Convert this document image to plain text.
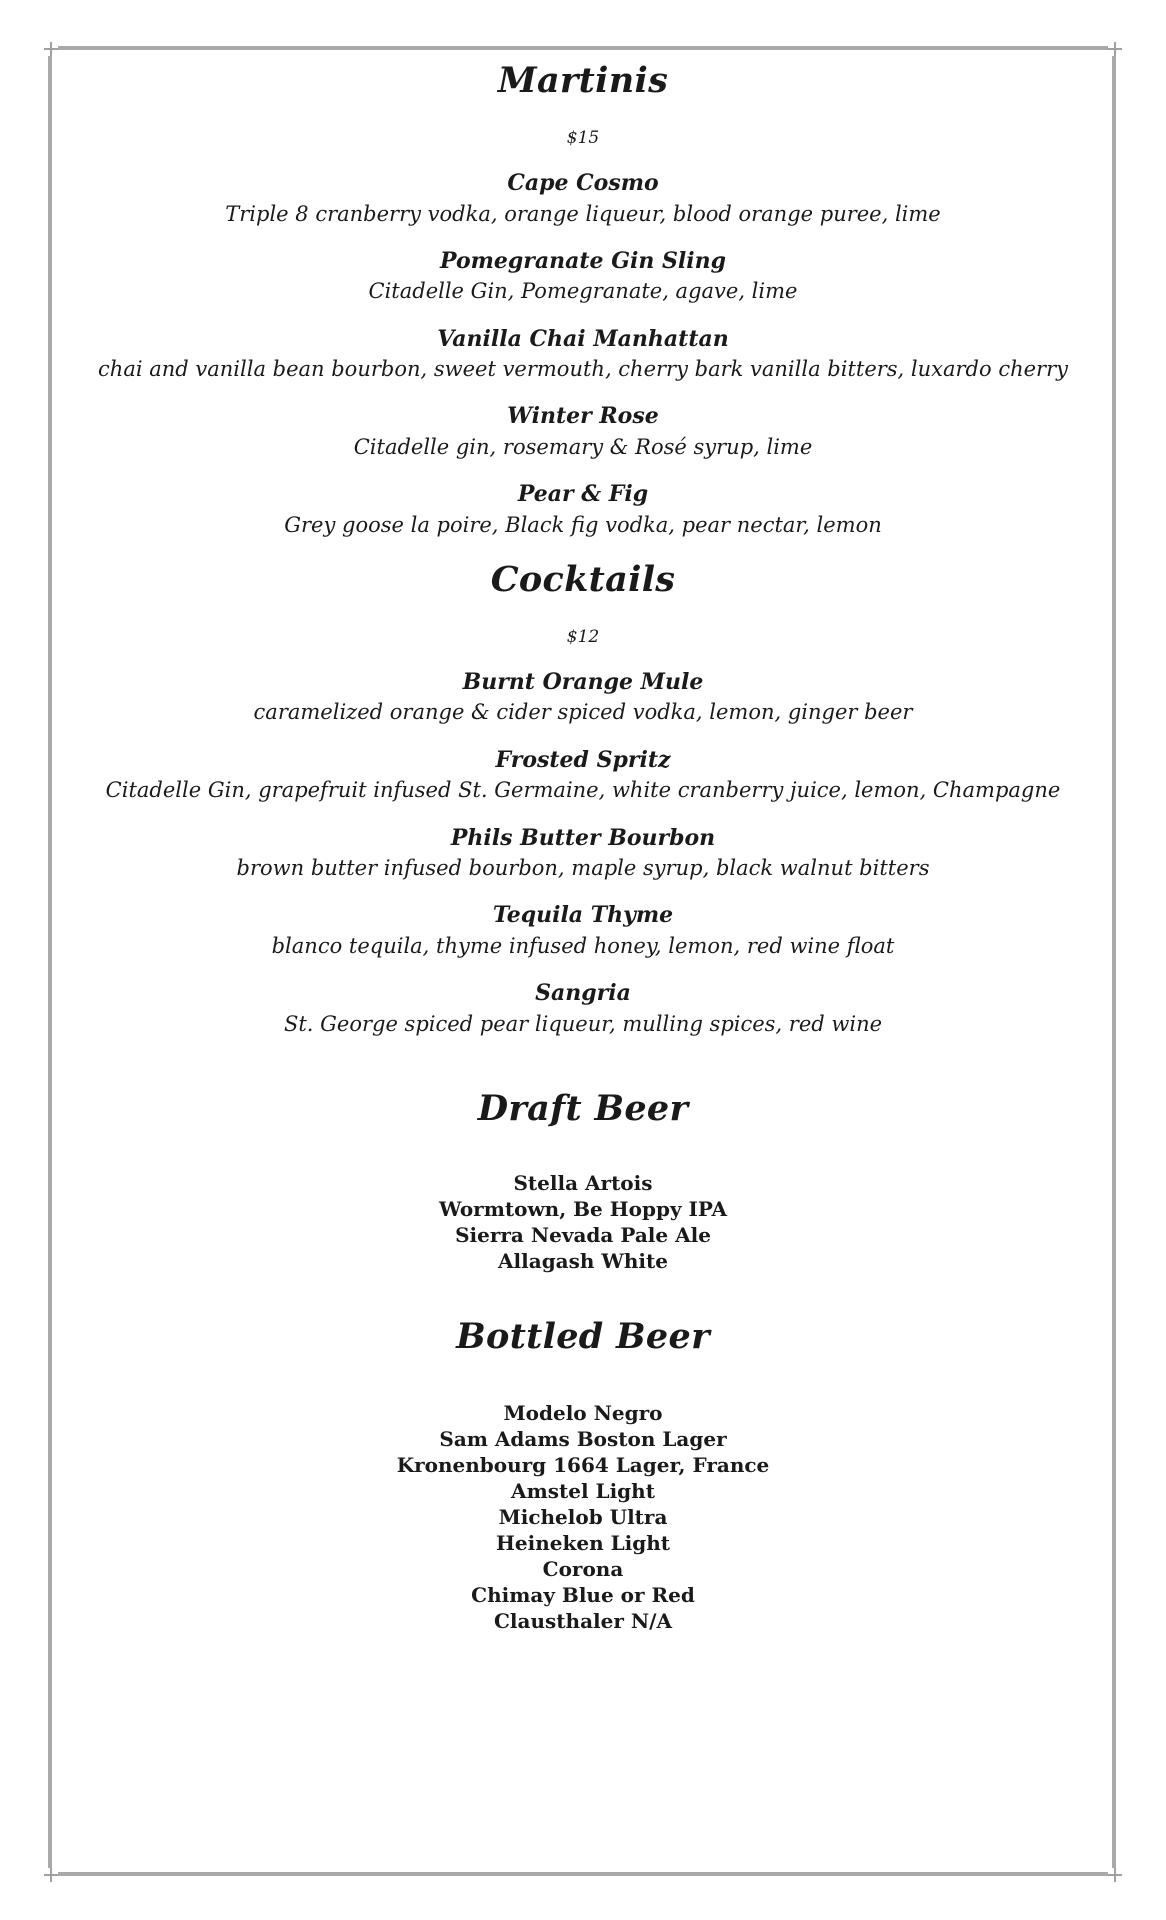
Martinis
$15
Cape Cosmo
Triple 8 cranberry vodka, orange liqueur, blood orange puree, lime
Pomegranate Gin Sling
Citadelle Gin, Pomegranate, agave, lime
Vanilla Chai Manhattan
chai and vanilla bean bourbon, sweet vermouth, cherry bark vanilla bitters, luxardo cherry
Winter Rose
Citadelle gin, rosemary & Rosé syrup, lime
Pear & Fig
Grey goose la poire, Black fig vodka, pear nectar, lemon
Cocktails
$12
Burnt Orange Mule
caramelized orange & cider spiced vodka, lemon, ginger beer
Frosted Spritz
Citadelle Gin, grapefruit infused St. Germaine, white cranberry juice, lemon, Champagne
Phils Butter Bourbon
brown butter infused bourbon, maple syrup, black walnut bitters
Tequila Thyme
blanco tequila, thyme infused honey, lemon, red wine float
Sangria
St. George spiced pear liqueur, mulling spices, red wine
Draft Beer
Stella Artois
Wormtown, Be Hoppy IPA
Sierra Nevada Pale Ale
Allagash White
Bottled Beer
Modelo Negro
Sam Adams Boston Lager
Kronenbourg 1664 Lager, France
Amstel Light
Michelob Ultra
Heineken Light
Corona
Chimay Blue or Red
Clausthaler N/A
